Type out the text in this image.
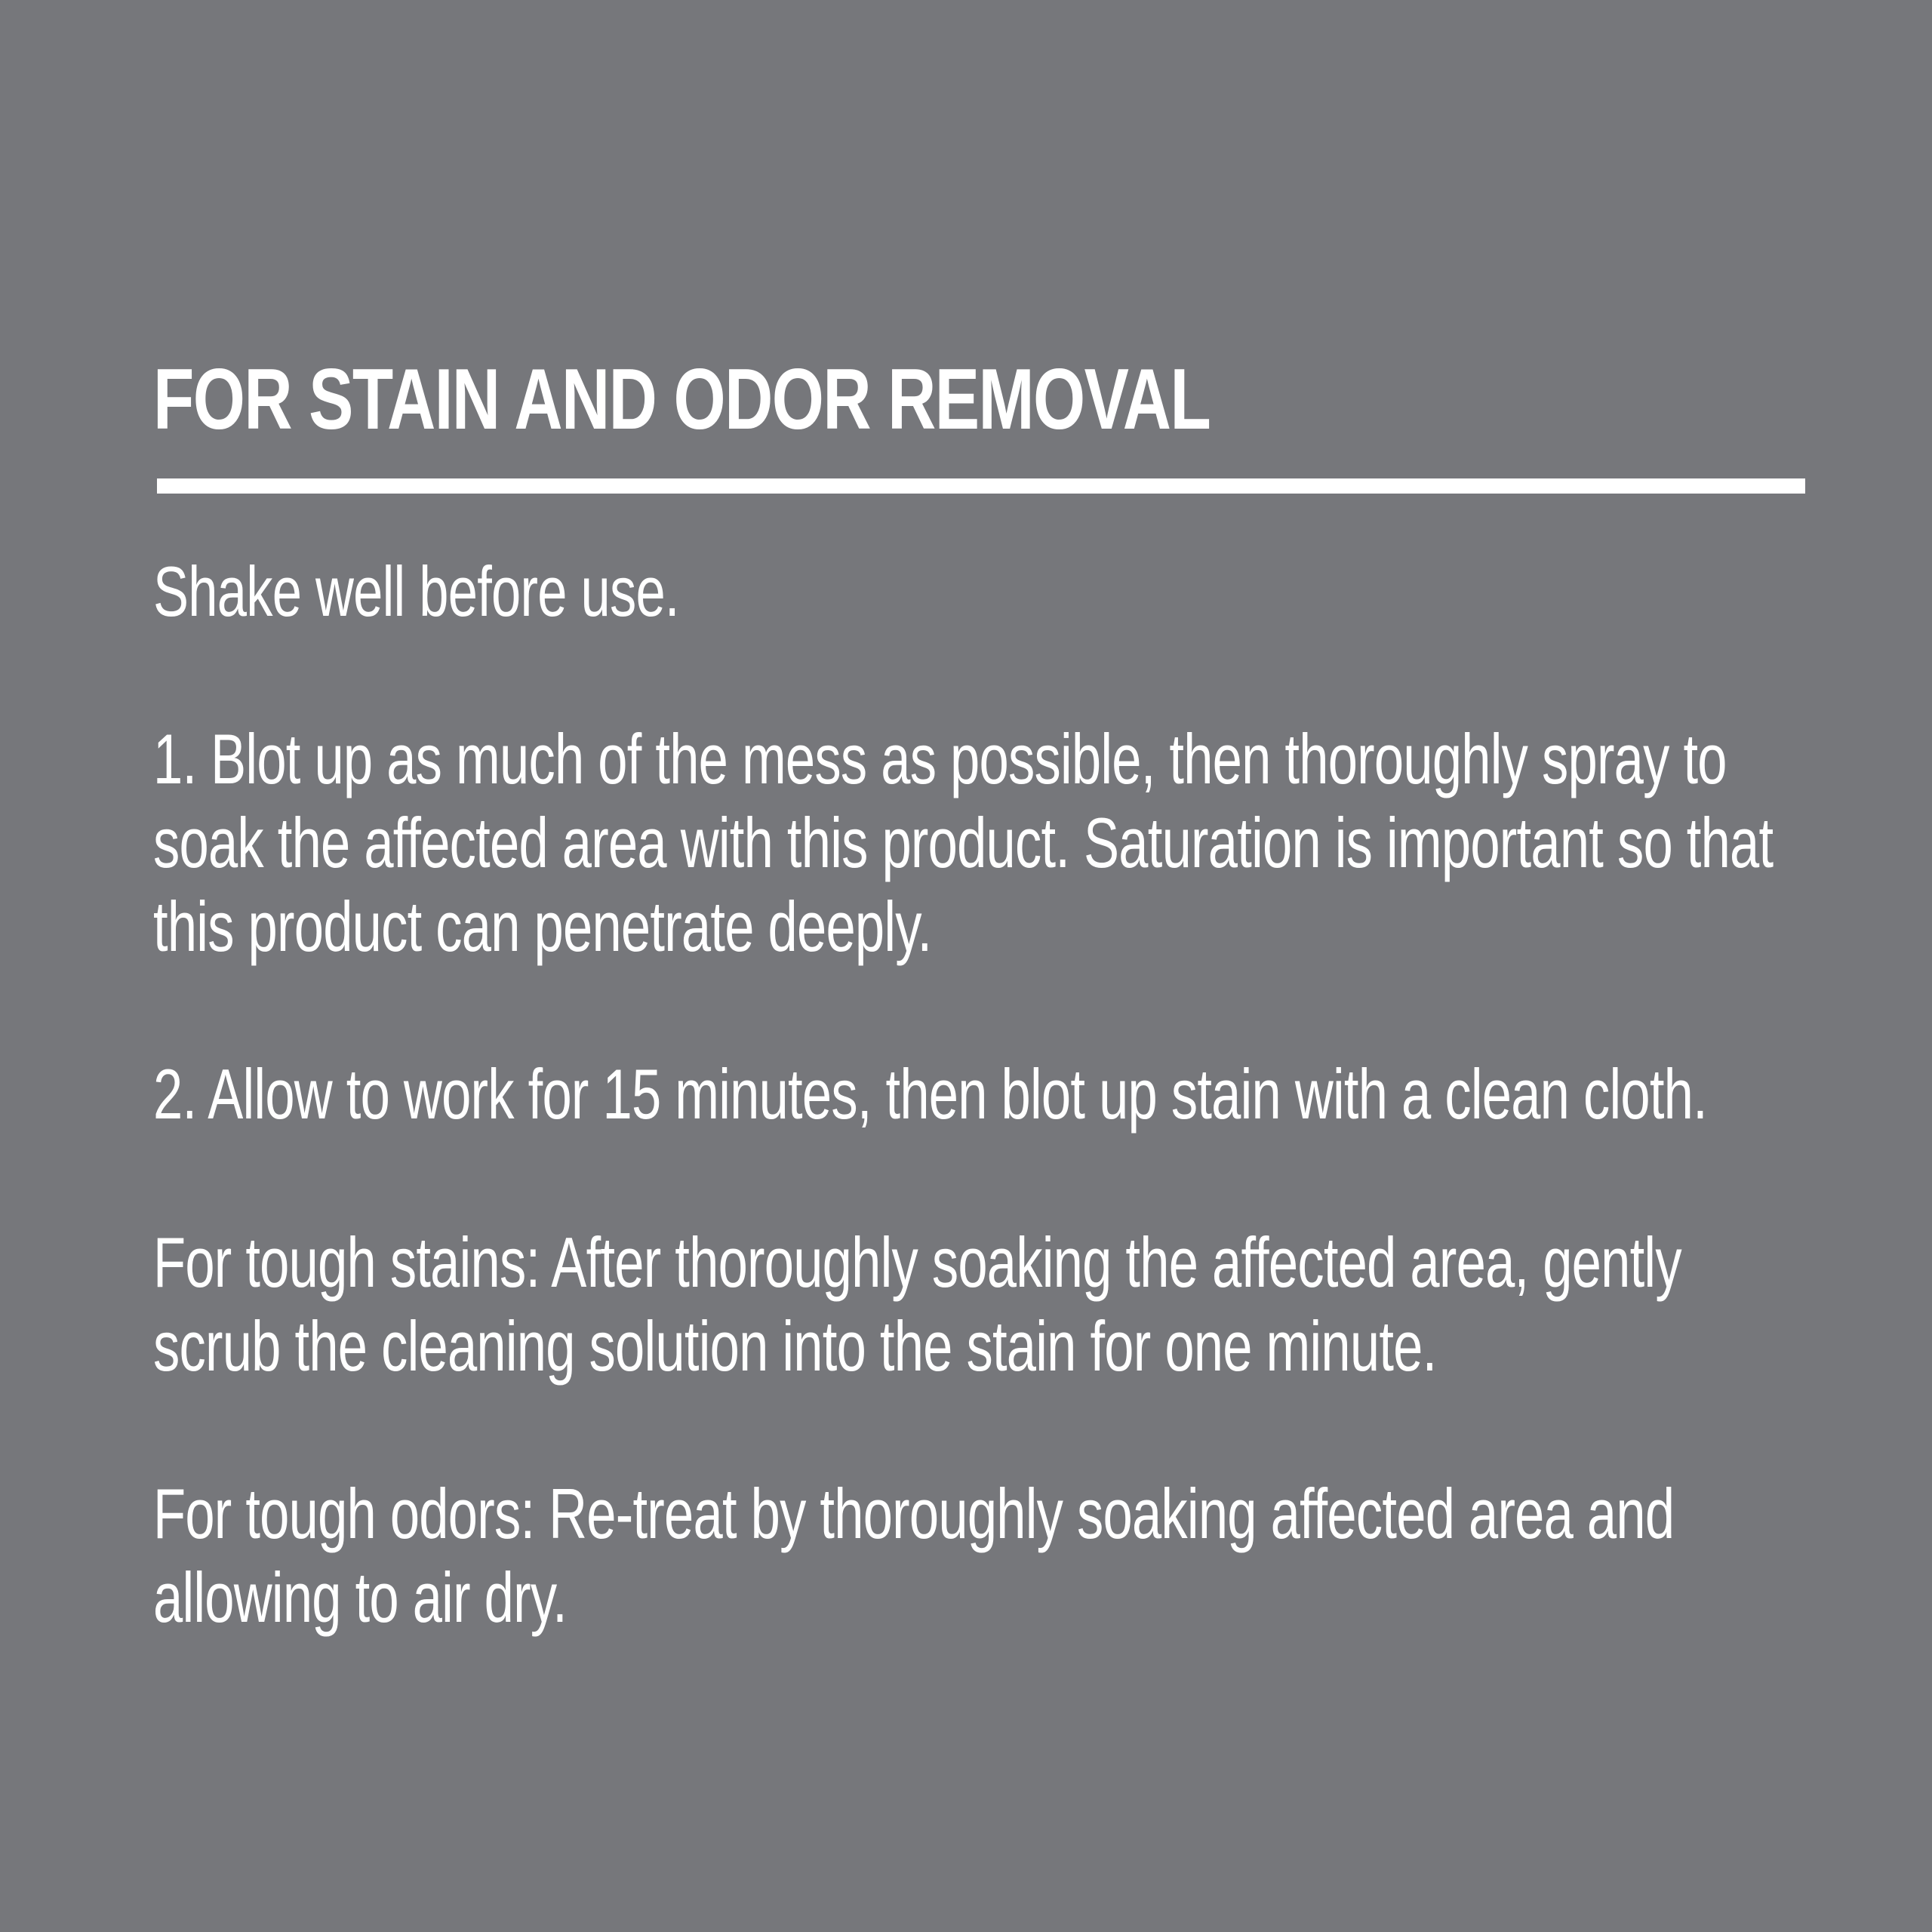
FOR STAIN AND ODOR REMOVAL

Shake well before use.

1. Blot up as much of the mess as possible, then thoroughly spray to soak the affected area with this product. Saturation is important so that this product can penetrate deeply.

2. Allow to work for 15 minutes, then blot up stain with a clean cloth.

For tough stains: After thoroughly soaking the affected area, gently scrub the cleaning solution into the stain for one minute.

For tough odors: Re-treat by thoroughly soaking affected area and allowing to air dry.
